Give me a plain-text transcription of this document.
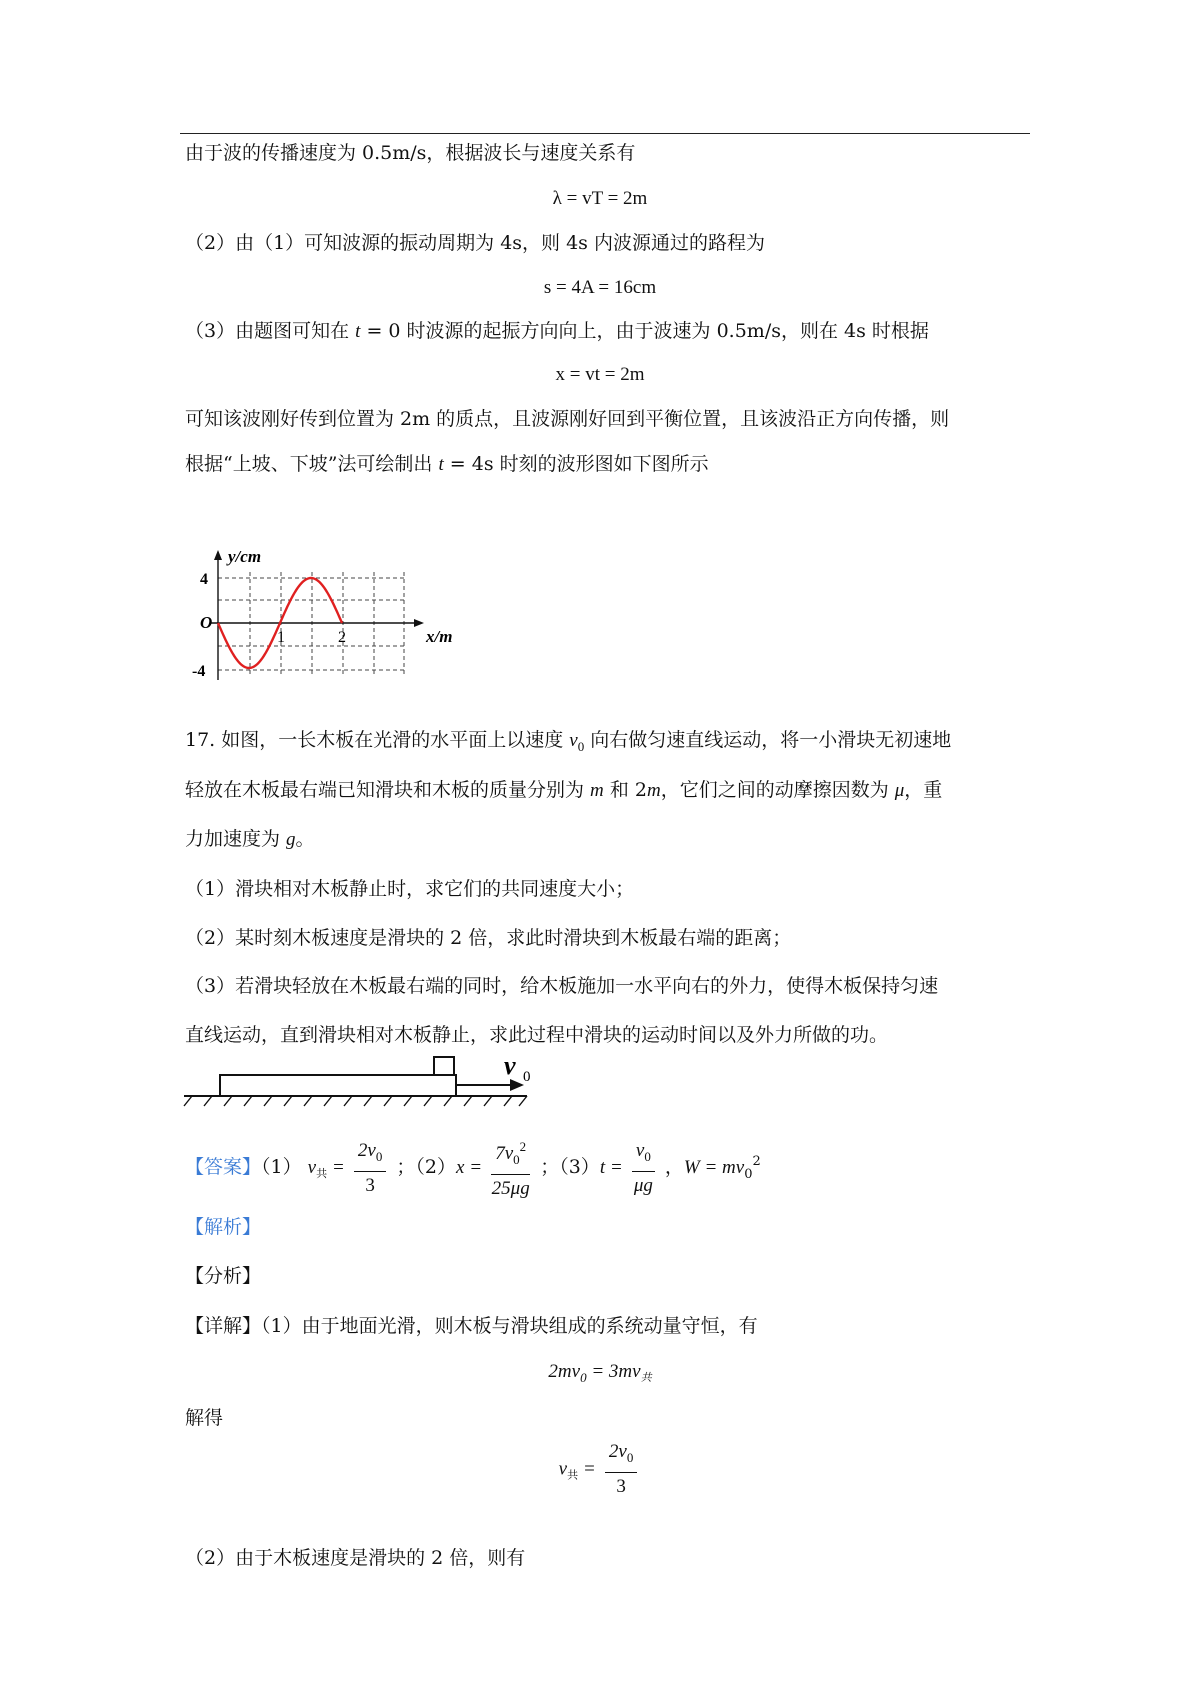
由于波的传播速度为 0.5m/s，根据波长与速度关系有
λ = vT = 2m
（2）由（1）可知波源的振动周期为 4s，则 4s 内波源通过的路程为
s = 4A = 16cm
（3）由题图可知在 t = 0 时波源的起振方向向上，由于波速为 0.5m/s，则在 4s 时根据
x = vt = 2m
可知该波刚好传到位置为 2m 的质点，且波源刚好回到平衡位置，且该波沿正方向传播，则
根据“上坡、下坡”法可绘制出 t = 4s 时刻的波形图如下图所示
y/cm
x/m
4
-4
O
1	2
17. 如图，一长木板在光滑的水平面上以速度 $v_0$ 向右做匀速直线运动，将一小滑块无初速地
轻放在木板最右端已知滑块和木板的质量分别为 m 和 2m，它们之间的动摩擦因数为 μ，重
力加速度为 g。
（1）滑块相对木板静止时，求它们的共同速度大小；
（2）某时刻木板速度是滑块的 2 倍，求此时滑块到木板最右端的距离；
（3）若滑块轻放在木板最右端的同时，给木板施加一水平向右的外力，使得木板保持匀速
直线运动，直到滑块相对木板静止，求此过程中滑块的运动时间以及外力所做的功。
v 0
【答案】（1） $v_共 = \frac{2v_0}{3}$ ；$(2)x = \frac{7v_0^2}{25\mu g}$ ；$(3)t = \frac{v_0}{\mu g}$ ，$W = mv_0^2$
【解析】
【分析】
【详解】（1）由于地面光滑，则木板与滑块组成的系统动量守恒，有
$2mv_0 = 3mv_共$
解得
$v_共 = \frac{2v_0}{3}$
（2）由于木板速度是滑块的 2 倍，则有
